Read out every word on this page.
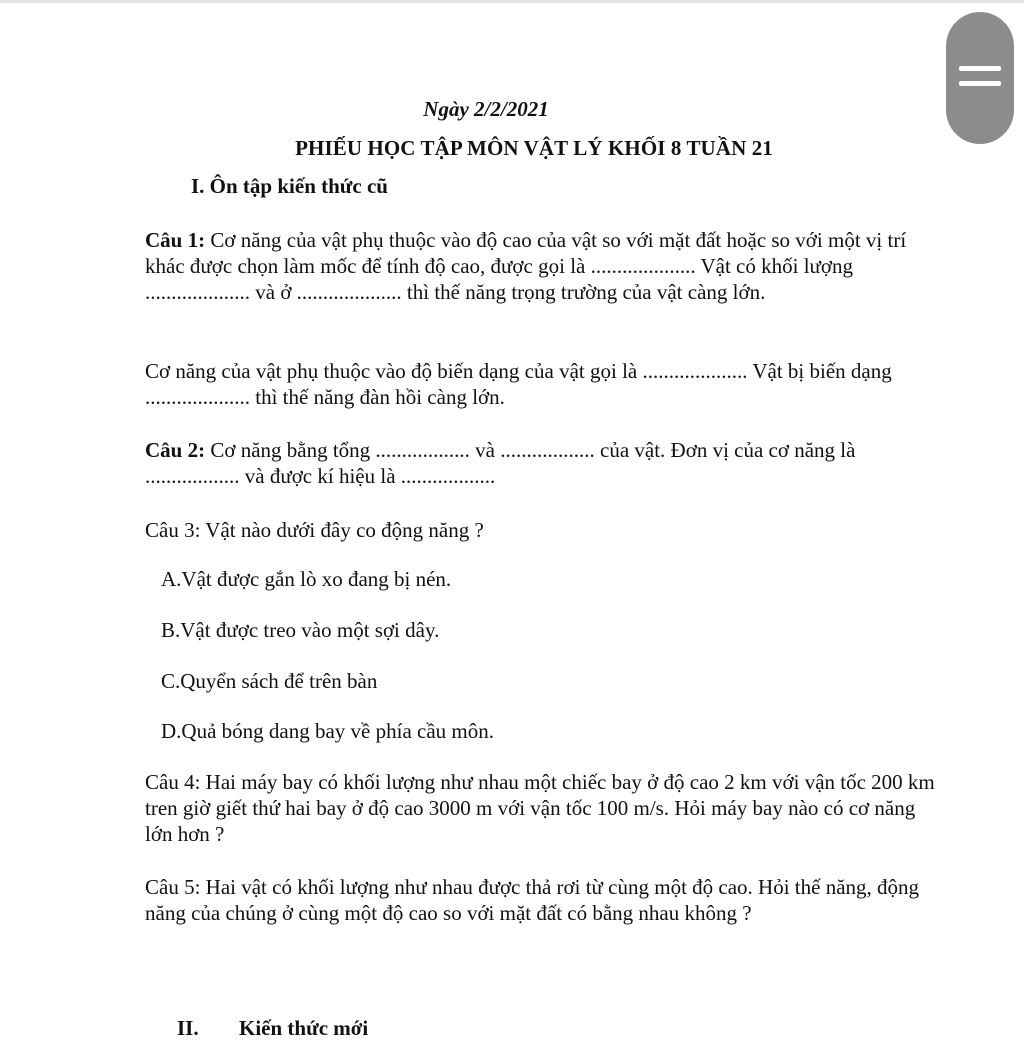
Ngày 2/2/2021
PHIẾU HỌC TẬP MÔN VẬT LÝ KHỐI 8 TUẦN 21
I. Ôn tập kiến thức cũ

Câu 1: Cơ năng của vật phụ thuộc vào độ cao của vật so với mặt đất hoặc so với một vị trí khác được chọn làm mốc để tính độ cao, được gọi là .................... Vật có khối lượng .................... và ở .................... thì thế năng trọng trường của vật càng lớn.

Cơ năng của vật phụ thuộc vào độ biến dạng của vật gọi là .................... Vật bị biến dạng .................... thì thế năng đàn hồi càng lớn.

Câu 2: Cơ năng bằng tổng .................. và .................. của vật. Đơn vị của cơ năng là .................. và được kí hiệu là ..................

Câu 3: Vật nào dưới đây co động năng ?

A.Vật được gắn lò xo đang bị nén.
B.Vật được treo vào một sợi dây.
C.Quyển sách để trên bàn
D.Quả bóng dang bay về phía cầu môn.

Câu 4: Hai máy bay có khối lượng như nhau một chiếc bay ở độ cao 2 km với vận tốc 200 km tren giờ giết thứ hai bay ở độ cao 3000 m với vận tốc 100 m/s. Hỏi máy bay nào có cơ năng lớn hơn ?

Câu 5: Hai vật có khối lượng như nhau được thả rơi từ cùng một độ cao. Hỏi thế năng, động năng của chúng ở cùng một độ cao so với mặt đất có bằng nhau không ?

II. Kiến thức mới
